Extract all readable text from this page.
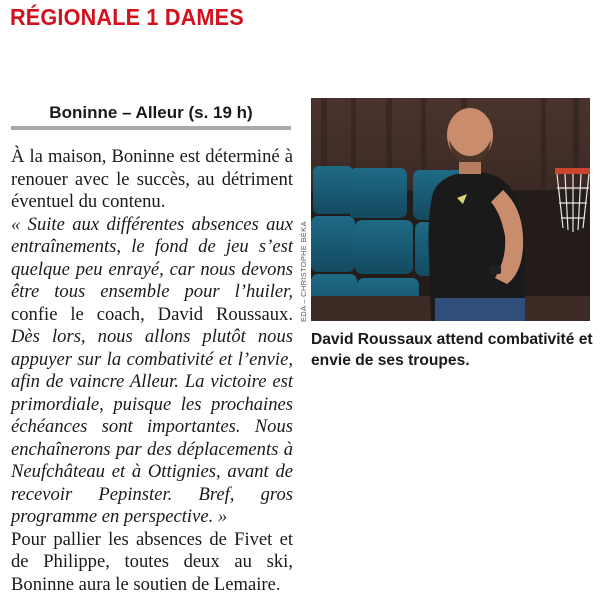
RÉGIONALE 1 DAMES
Boninne – Alleur (s. 19 h)
À la maison, Boninne est déterminé à renouer avec le succès, au détriment éventuel du contenu.
« Suite aux différentes absences aux entraînements, le fond de jeu s’est quelque peu enrayé, car nous devons être tous ensemble pour l’huiler, confie le coach, David Roussaux. Dès lors, nous allons plutôt nous appuyer sur la combativité et l’envie, afin de vaincre Alleur. La victoire est primordiale, puisque les prochaines échéances sont importantes. Nous enchaînerons par des déplacements à Neufchâteau et à Ottignies, avant de recevoir Pepinster. Bref, gros programme en perspective. »
Pour pallier les absences de Fivet et de Philippe, toutes deux au ski, Boninne aura le soutien de Lemaire.
EDA – CHRISTOPHE BÉKA
David Roussaux attend combativité et envie de ses troupes.
